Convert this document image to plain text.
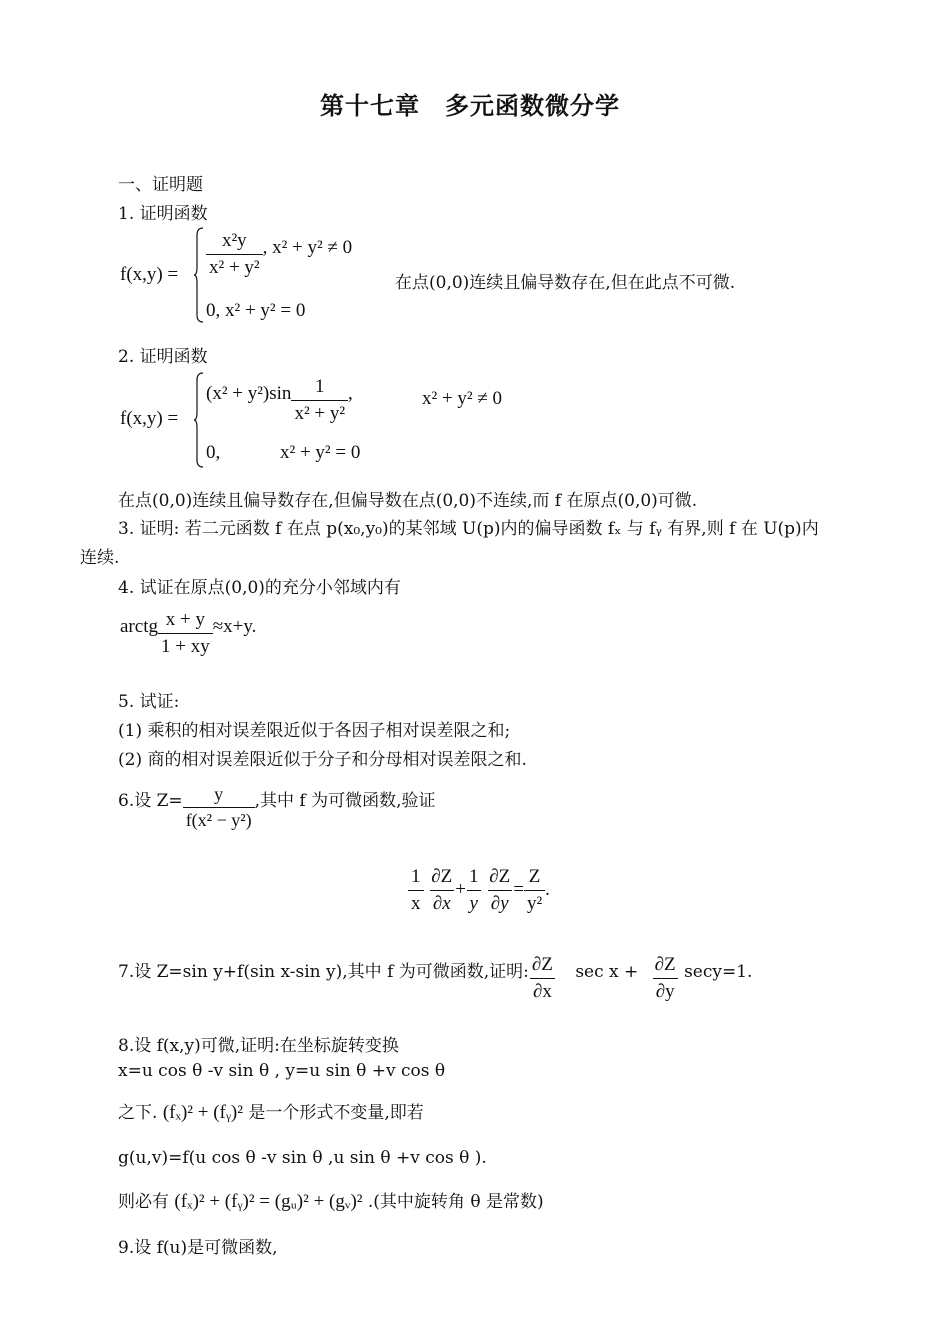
第十七章　多元函数微分学
一、证明题
1. 证明函数
$f(x,y) = \frac{\text{x²y}}{\text{x² + y²}}$ , x² + y² ≠ 0
0, x² + y² = 0
在点(0,0)连续且偏导数存在,但在此点不可微.
2. 证明函数
f(x,y) =
$(x^2 + y^2)\sin \frac{1}{\text{x² + y²}}$ ,	x² + y² ≠ 0
0,	x² + y² = 0
在点(0,0)连续且偏导数存在,但偏导数在点(0,0)不连续,而 f 在原点(0,0)可微.
3. 证明: 若二元函数 f 在点 p(x₀,y₀)的某邻域 U(p)内的偏导函数 fₓ 与 fᵧ 有界,则 f 在 U(p)内
连续.
4. 试证在原点(0,0)的充分小邻域内有
arctg $\frac{x + y}{1 + xy} \approx x+y$.
5. 试证:
(1) 乘积的相对误差限近似于各因子相对误差限之和;
(2) 商的相对误差限近似于分子和分母相对误差限之和.
6.设 $Z= \frac{y}{\text{f(x² − y²)}}$ ,其中 f 为可微函数,验证
$\frac{1}{x}$
$\frac{\partial Z}{\partial x} + \frac{1}{y}$
$\frac{\partial Z}{\partial y} = \frac{Z}{\text{y²}}$ .
7.设 Z=sin y+f(sin x-sin y),其中 f 为可微函数,证明: $\frac{\partial Z}{\partial x}$ $\sec x + \frac{\partial Z}{\partial y} \sec y=1$.
8.设 f(x,y)可微,证明:在坐标旋转变换
x=u cos θ -v sin θ , y=u sin θ +v cos θ
之下. (fₓ)² + (fᵧ)² 是一个形式不变量,即若
g(u,v)=f(u cos θ -v sin θ ,u sin θ +v cos θ ).
则必有 (fₓ)² + (fᵧ)² = (gᵤ)² + (gᵥ)² .(其中旋转角 θ 是常数)
9.设 f(u)是可微函数,
